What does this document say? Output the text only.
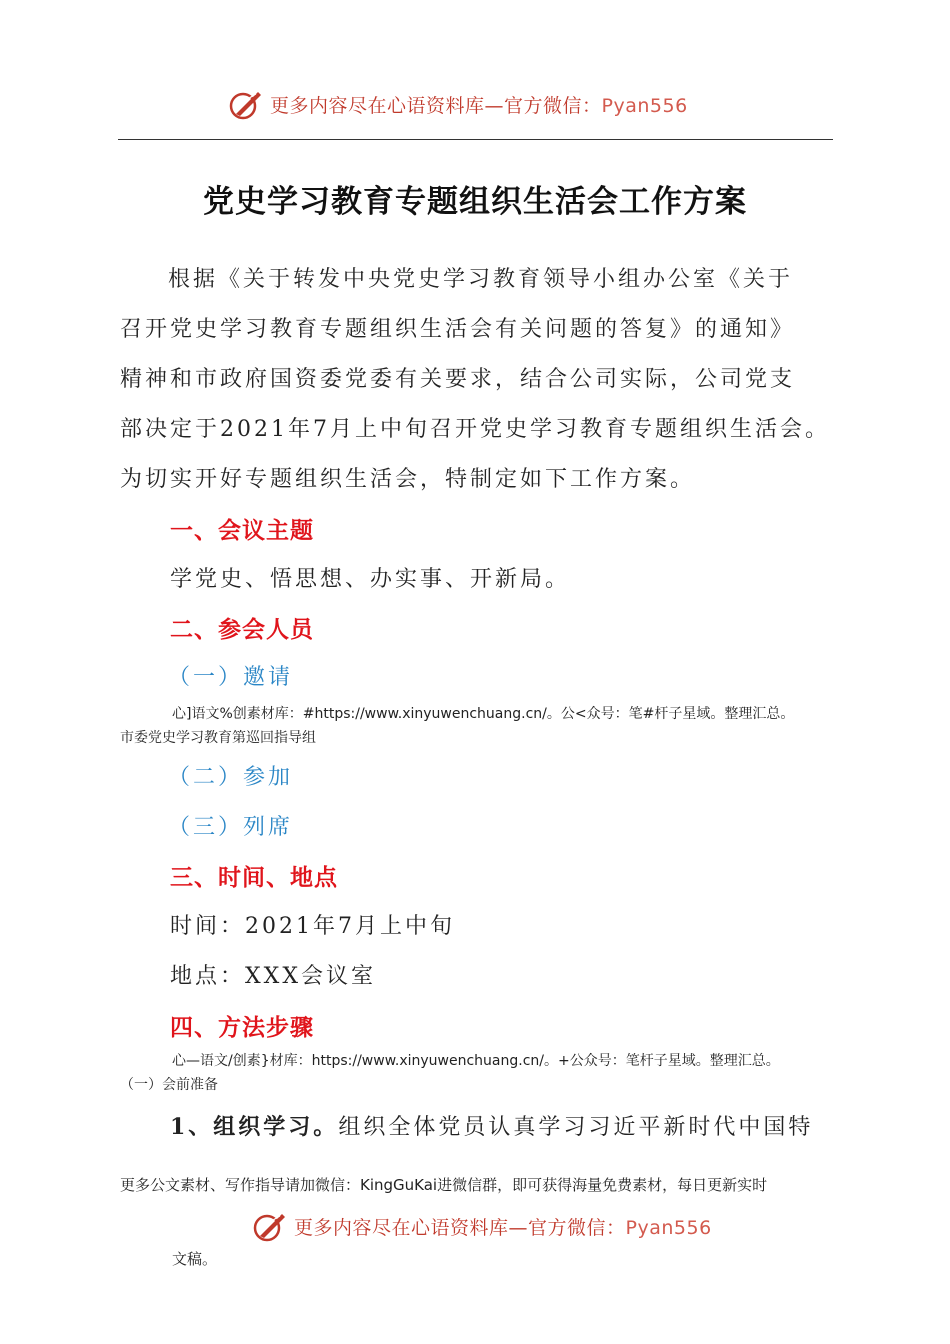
更多内容尽在心语资料库—官方微信：Pyan556
党史学习教育专题组织生活会工作方案
根据《关于转发中央党史学习教育领导小组办公室《关于
召开党史学习教育专题组织生活会有关问题的答复》的通知》
精神和市政府国资委党委有关要求，结合公司实际，公司党支
部决定于2021年7月上中旬召开党史学习教育专题组织生活会。
为切实开好专题组织生活会，特制定如下工作方案。
一、会议主题
学党史、悟思想、办实事、开新局。
二、参会人员
（一）邀请
心]语文%创素材库：#https://www.xinyuwenchuang.cn/。公<众号：笔#杆子星域。整理汇总。
市委党史学习教育第巡回指导组
（二）参加
（三）列席
三、时间、地点
时间：2021年7月上中旬
地点：XXX会议室
四、方法步骤
心—语文/创素}材库：https://www.xinyuwenchuang.cn/。+公众号：笔杆子星域。整理汇总。
（一）会前准备
1、组织学习。组织全体党员认真学习习近平新时代中国特
更多公文素材、写作指导请加微信：KingGuKai进微信群，即可获得海量免费素材，每日更新实时
更多内容尽在心语资料库—官方微信：Pyan556
文稿。
